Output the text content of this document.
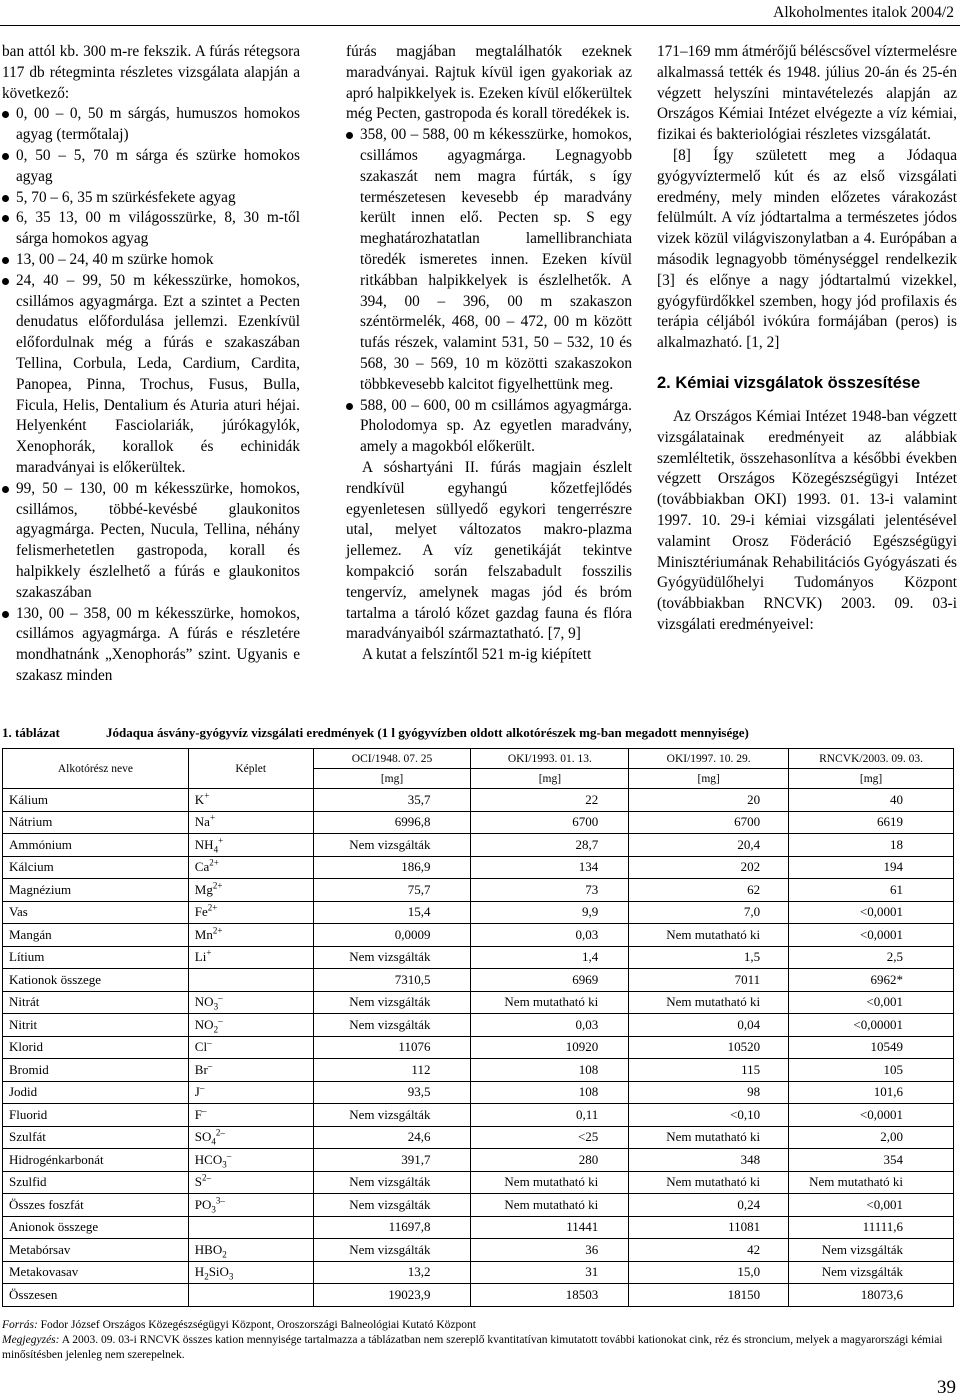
Alkoholmentes italok 2004/2

ban attól kb. 300 m-re fekszik. A fúrás rétegsora 117 db rétegminta részletes vizsgálata alapján a következő:

0, 00 – 0, 50 m sárgás, humuszos homokos agyag (termőtalaj)
0, 50 – 5, 70 m sárga és szürke homokos agyag
5, 70 – 6, 35 m szürkésfekete agyag
6, 35 13, 00 m világosszürke, 8, 30 m-től sárga homokos agyag
13, 00 – 24, 40 m szürke homok
24, 40 – 99, 50 m kékesszürke, homokos, csillámos agyagmárga. Ezt a szintet a Pecten denudatus előfordulása jellemzi. Ezenkívül előfordulnak még a fúrás e szakaszában Tellina, Corbula, Leda, Cardium, Cardita, Panopea, Pinna, Trochus, Fusus, Bulla, Ficula, Helis, Dentalium és Aturia aturi héjai. Helyenként Fasciolariák, júrókagylók, Xenophorák, korallok és echinidák maradványai is előkerültek.
99, 50 – 130, 00 m kékesszürke, homokos, csillámos, többé-kevésbé glaukonitos agyagmárga. Pecten, Nucula, Tellina, néhány felismerhetetlen gastropoda, korall és halpikkely észlelhető a fúrás e glaukonitos szakaszában
130, 00 – 358, 00 m kékesszürke, homokos, csillámos agyagmárga. A fúrás e részletére mondhatnánk „Xenophorás” szint. Ugyanis e szakasz minden

fúrás magjában megtalálhatók ezeknek maradványai. Rajtuk kívül igen gyakoriak az apró halpikkelyek is. Ezeken kívül előkerültek még Pecten, gastropoda és korall töredékek is.

358, 00 – 588, 00 m kékesszürke, homokos, csillámos agyagmárga. Legnagyobb szakaszát nem magra fúrták, s így természetesen kevesebb ép maradvány került innen elő. Pecten sp. S egy meghatározhatatlan lamellibranchiata töredék ismeretes innen. Ezeken kívül ritkábban halpikkelyek is észlelhetők. A 394, 00 – 396, 00 m szakaszon széntörmelék, 468, 00 – 472, 00 m között tufás részek, valamint 531, 50 – 532, 10 és 568, 30 – 569, 10 m közötti szakaszokon többkevesebb kalcitot figyelhettünk meg.
588, 00 – 600, 00 m csillámos agyagmárga. Pholodomya sp. Az egyetlen maradvány, amely a magokból előkerült.

A sóshartyáni II. fúrás magjain észlelt rendkívül egyhangú kőzetfejlődés egyenletesen süllyedő egykori tengerrészre utal, melyet változatos makro-plazma jellemez. A víz genetikáját tekintve kompakció során felszabadult fosszilis tengervíz, amelynek magas jód és bróm tartalma a tároló kőzet gazdag fauna és flóra maradványaiból származtatható. [7, 9]

A kutat a felszíntől 521 m-ig kiépített

171–169 mm átmérőjű béléscsővel víztermelésre alkalmassá tették és 1948. július 20-án és 25-én végzett helyszíni mintavételezés alapján az Országos Kémiai Intézet elvégezte a víz kémiai, fizikai és bakteriológiai részletes vizsgálatát.

[8] Így született meg a Jódaqua gyógyvíztermelő kút és az első vizsgálati eredmény, mely minden előzetes várakozást felülmúlt. A víz jódtartalma a természetes jódos vizek közül világviszonylatban a 4. Európában a második legnagyobb töménységgel rendelkezik [3] és előnye a nagy jódtartalmú vizekkel, gyógyfürdőkkel szemben, hogy jód profilaxis és terápia céljából ivókúra formájában (peros) is alkalmazható. [1, 2]

2. Kémiai vizsgálatok összesítése

Az Országos Kémiai Intézet 1948-ban végzett vizsgálatainak eredményeit az alábbiak szemléltetik, összehasonlítva a későbbi években végzett Országos Közegészségügyi Intézet (továbbiakban OKI) 1993. 01. 13-i valamint 1997. 10. 29-i kémiai vizsgálati jelentésével valamint Orosz Föderáció Egészségügyi Minisztériumának Rehabilitációs Gyógyászati és Gyógyüdülőhelyi Tudományos Központ (továbbiakban RNCVK) 2003. 09. 03-i vizsgálati eredményeivel:

1. táblázat	Jódaqua ásvány-gyógyvíz vizsgálati eredmények (1 l gyógyvízben oldott alkotórészek mg-ban megadott mennyisége)
Alkotórész neve	Képlet	OCI/1948. 07. 25	OKI/1993. 01. 13.	OKI/1997. 10. 29.	RNCVK/2003. 09. 03.
		[mg]	[mg]	[mg]	[mg]
Kálium	K+	35,7	22	20	40
Nátrium	Na+	6996,8	6700	6700	6619
Ammónium	$NH_4^+$	Nem vizsgálták	28,7	20,4	18
Kálcium	$Ca^{2+}$	186,9	134	202	194
Magnézium	$Mg^{2+}$	75,7	73	62	61
Vas	$Fe^{2+}$	15,4	9,9	7,0	<0,0001
Mangán	$Mn^{2+}$	0,0009	0,03	Nem mutatható ki	<0,0001
Lítium	Li+	Nem vizsgálták	1,4	1,5	2,5
Kationok összege		7310,5	6969	7011	6962*
Nitrát	$NO_3^-$	Nem vizsgálták	Nem mutatható ki	Nem mutatható ki	<0,001
Nitrit	$NO_2^-$	Nem vizsgálták	0,03	0,04	<0,00001
Klorid	Cl–	11076	10920	10520	10549
Bromid	Br–	112	108	115	105
Jodid	J–	93,5	108	98	101,6
Fluorid	F–	Nem vizsgálták	0,11	<0,10	<0,0001
Szulfát	$SO_4^{2-}$	24,6	<25	Nem mutatható ki	2,00
Hidrogénkarbonát	$HCO_3^-$	391,7	280	348	354
Szulfid	$S^{2-}$	Nem vizsgálták	Nem mutatható ki	Nem mutatható ki	Nem mutatható ki
Összes foszfát	$PO_3^{3-}$	Nem vizsgálták	Nem mutatható ki	0,24	<0,001
Anionok összege		11697,8	11441	11081	11111,6
Metabórsav	$HBO_2$	Nem vizsgálták	36	42	Nem vizsgálták
Metakovasav	$H_2SiO_3$	13,2	31	15,0	Nem vizsgálták
Összesen		19023,9	18503	18150	18073,6
Forrás: Fodor József Országos Közegészségügyi Központ, Oroszországi Balneológiai Kutató Központ
Megjegyzés: A 2003. 09. 03-i RNCVK összes kation mennyisége tartalmazza a táblázatban nem szereplő kvantitatívan kimutatott további kationokat cink, réz és stroncium, melyek a magyarországi kémiai minősítésben jelenleg nem szerepelnek.
39
